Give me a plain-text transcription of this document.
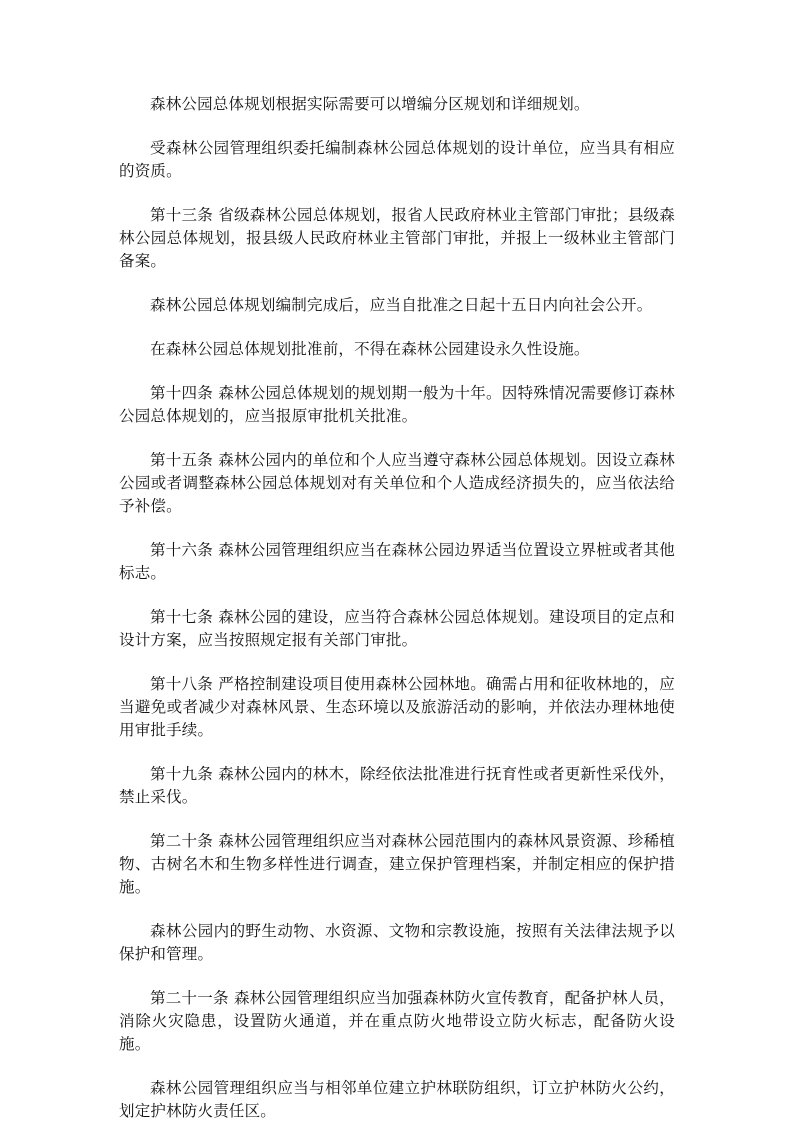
森林公园总体规划根据实际需要可以增编分区规划和详细规划。

受森林公园管理组织委托编制森林公园总体规划的设计单位，应当具有相应的资质。

第十三条 省级森林公园总体规划，报省人民政府林业主管部门审批；县级森林公园总体规划，报县级人民政府林业主管部门审批，并报上一级林业主管部门备案。

森林公园总体规划编制完成后，应当自批准之日起十五日内向社会公开。

在森林公园总体规划批准前，不得在森林公园建设永久性设施。

第十四条 森林公园总体规划的规划期一般为十年。因特殊情况需要修订森林公园总体规划的，应当报原审批机关批准。

第十五条 森林公园内的单位和个人应当遵守森林公园总体规划。因设立森林公园或者调整森林公园总体规划对有关单位和个人造成经济损失的，应当依法给予补偿。

第十六条 森林公园管理组织应当在森林公园边界适当位置设立界桩或者其他标志。

第十七条 森林公园的建设，应当符合森林公园总体规划。建设项目的定点和设计方案，应当按照规定报有关部门审批。

第十八条 严格控制建设项目使用森林公园林地。确需占用和征收林地的，应当避免或者减少对森林风景、生态环境以及旅游活动的影响，并依法办理林地使用审批手续。

第十九条 森林公园内的林木，除经依法批准进行抚育性或者更新性采伐外，禁止采伐。

第二十条 森林公园管理组织应当对森林公园范围内的森林风景资源、珍稀植物、古树名木和生物多样性进行调查，建立保护管理档案，并制定相应的保护措施。

森林公园内的野生动物、水资源、文物和宗教设施，按照有关法律法规予以保护和管理。

第二十一条 森林公园管理组织应当加强森林防火宣传教育，配备护林人员，消除火灾隐患，设置防火通道，并在重点防火地带设立防火标志，配备防火设施。

森林公园管理组织应当与相邻单位建立护林联防组织，订立护林防火公约，划定护林防火责任区。
